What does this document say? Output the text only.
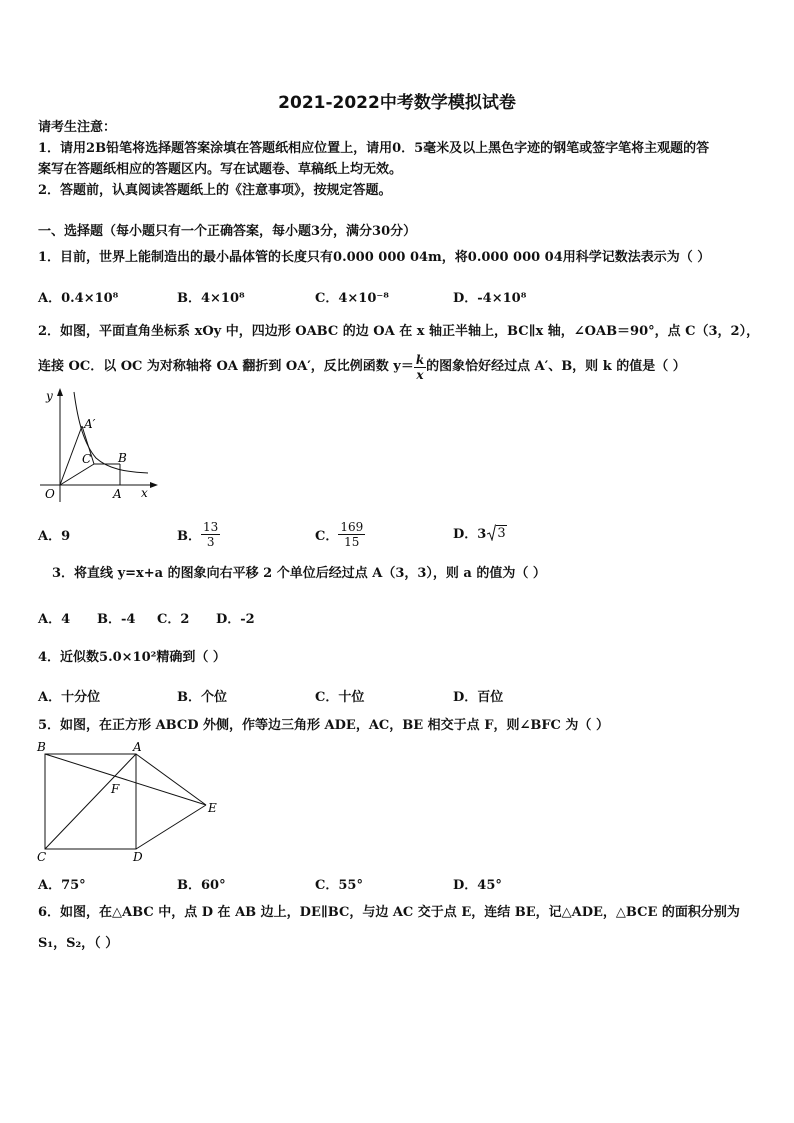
2021-2022中考数学模拟试卷
请考生注意：
1．请用2B铅笔将选择题答案涂填在答题纸相应位置上，请用0．5毫米及以上黑色字迹的钢笔或签字笔将主观题的答
案写在答题纸相应的答题区内。写在试题卷、草稿纸上均无效。
2．答题前，认真阅读答题纸上的《注意事项》，按规定答题。
一、选择题（每小题只有一个正确答案，每小题3分，满分30分）
1．目前，世界上能制造出的最小晶体管的长度只有0.000 000 04m，将0.000 000 04用科学记数法表示为（ ）
A．0.4×10⁸	B．4×10⁸	C．4×10⁻⁸	D．-4×10⁸
2．如图，平面直角坐标系 xOy 中，四边形 OABC 的边 OA 在 x 轴正半轴上，BC∥x 轴，∠OAB＝90°，点 C（3，2），
连接 OC．以 OC 为对称轴将 OA 翻折到 OA′，反比例函数 $y= \frac{k}{x}$ 的图象恰好经过点 A′、B，则 k 的值是（ ）
y
x
O	A
A′
B
C
A．9	B． $\frac{13}{3}$	C． $\frac{169}{15}$	D．3 3
3．将直线 y=x+a 的图象向右平移 2 个单位后经过点 A（3，3），则 a 的值为（ ）
A．4 B．-4 C．2 D．-2
4．近似数5.0×10²精确到（ ）
A．十分位	B．个位	C．十位	D．百位
5．如图，在正方形 ABCD 外侧，作等边三角形 ADE，AC，BE 相交于点 F，则∠BFC 为（ ）
B	A
C	D
E
F
A．75°	B．60°	C．55°	D．45°
6．如图，在△ABC 中，点 D 在 AB 边上，DE∥BC，与边 AC 交于点 E，连结 BE，记△ADE，△BCE 的面积分别为
S₁，S₂，（ ）
